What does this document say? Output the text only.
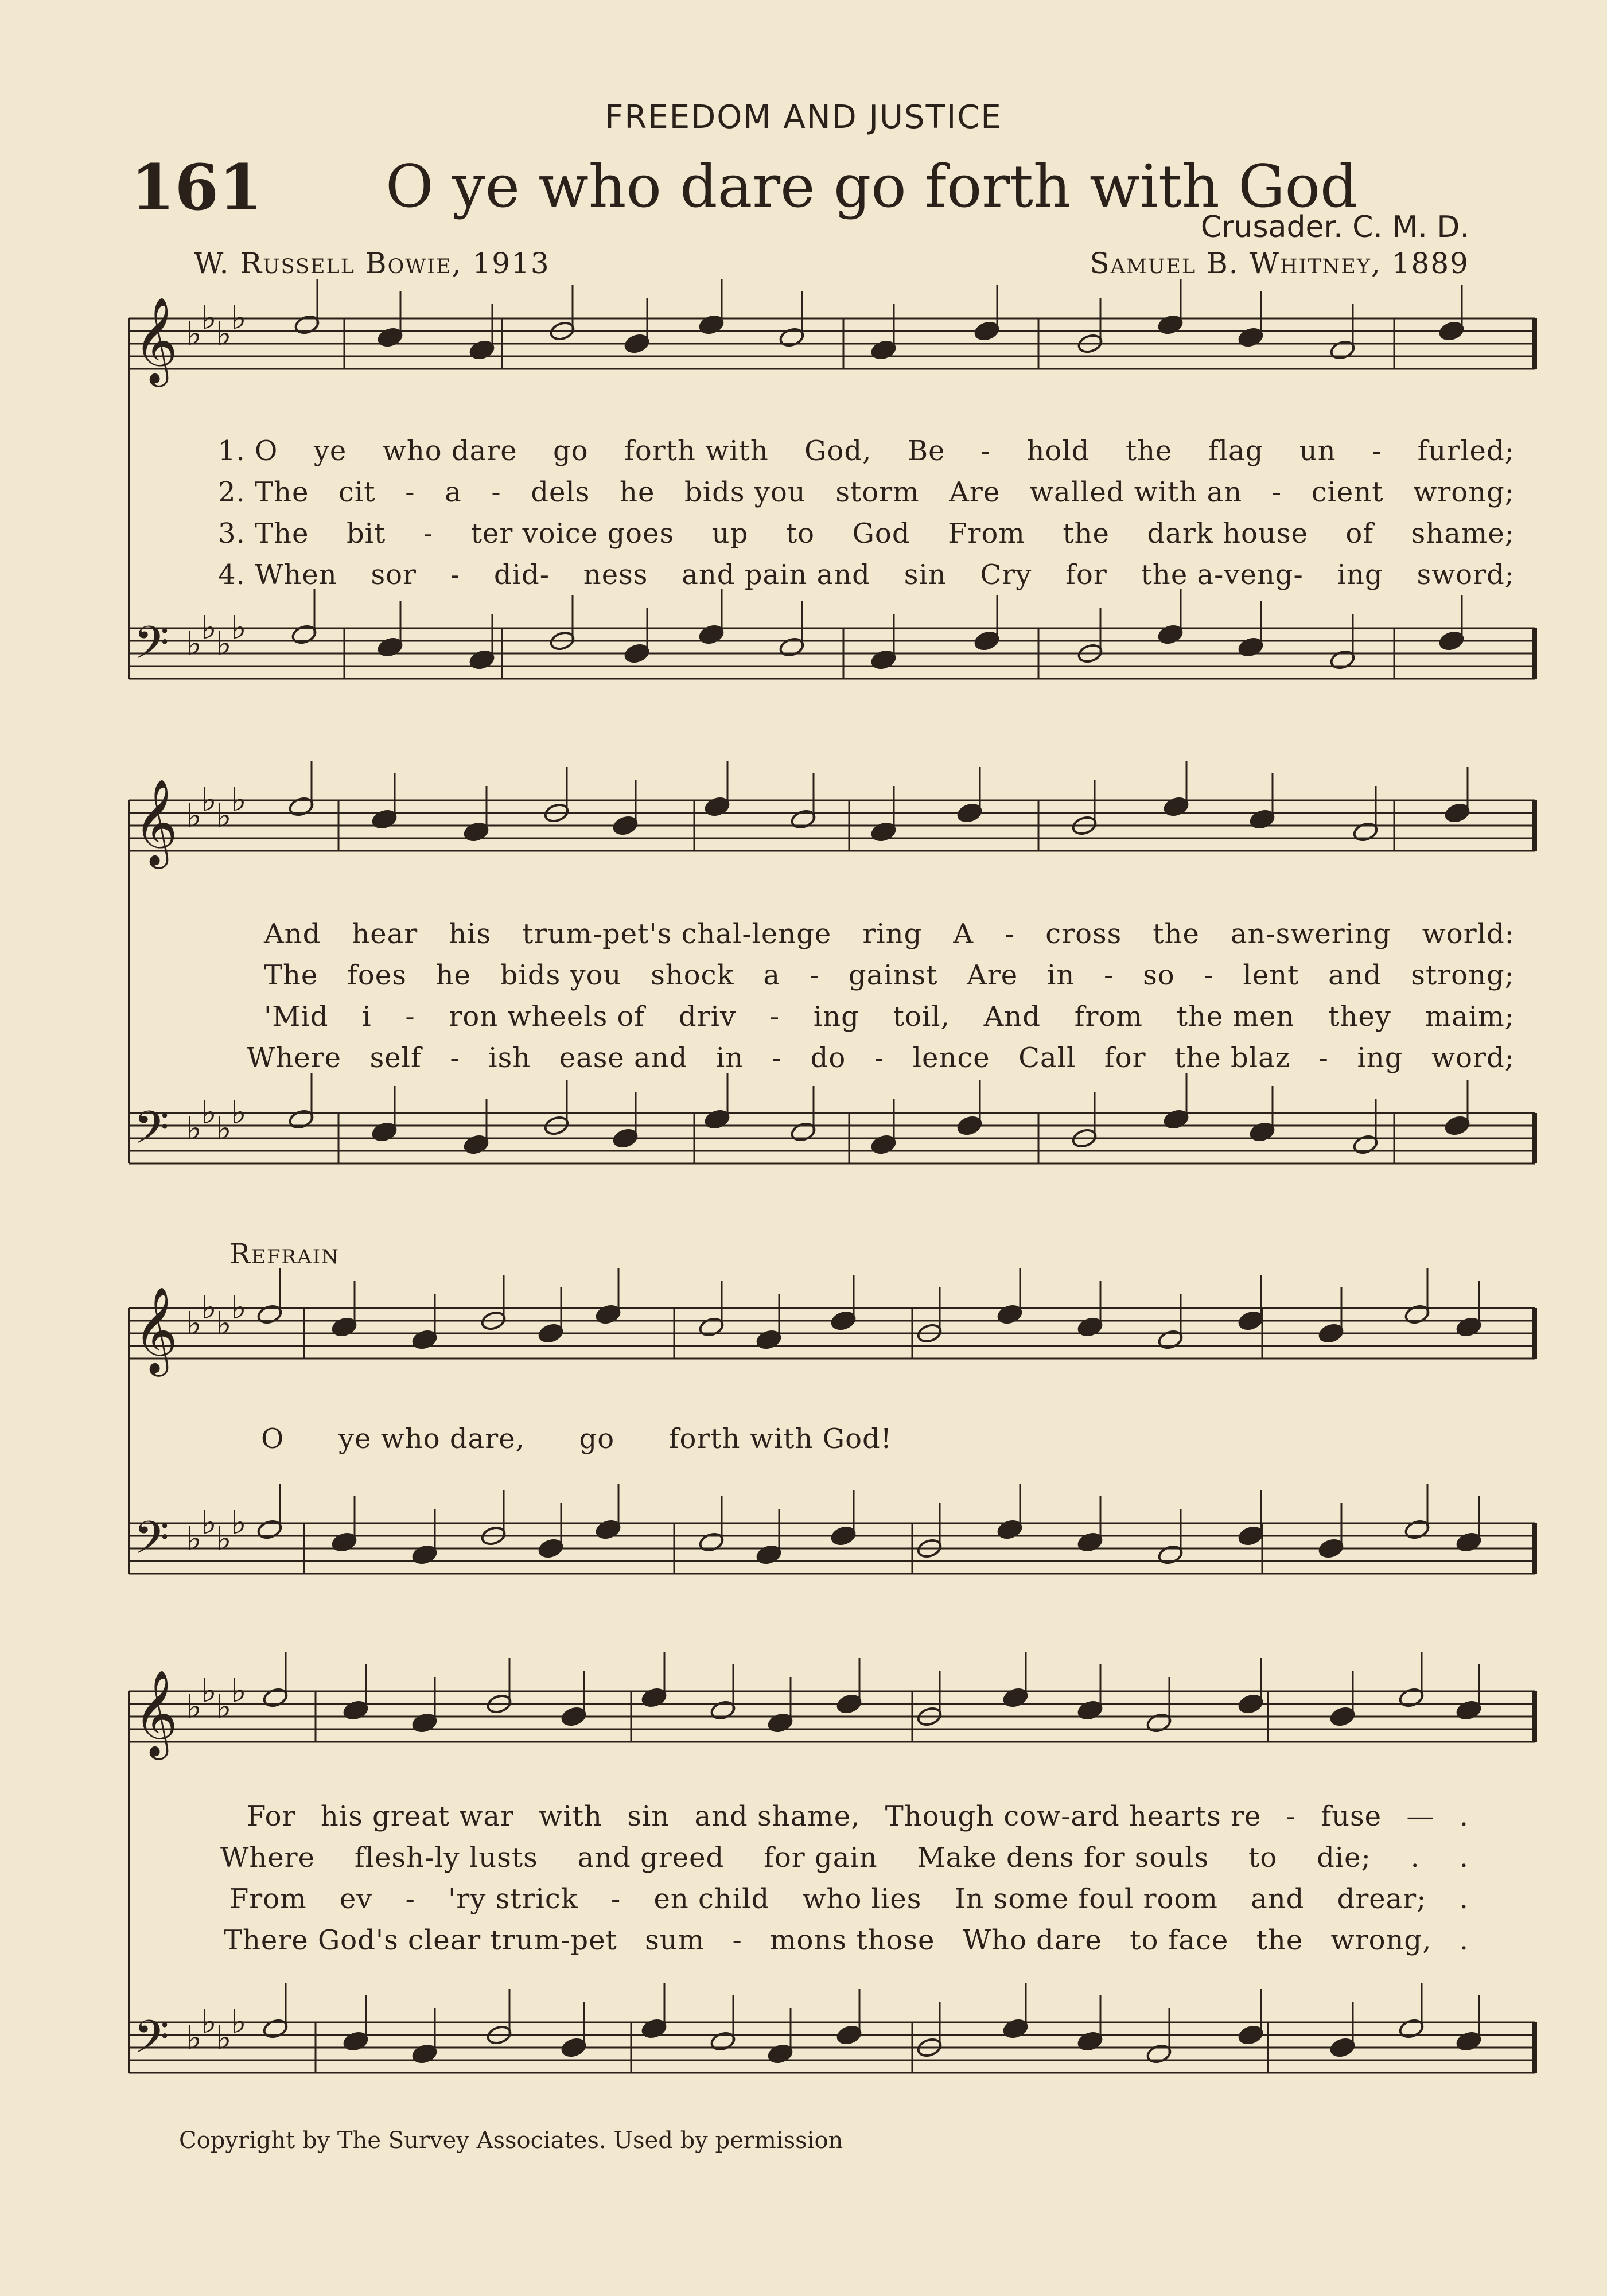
FREEDOM AND JUSTICE
161 O ye who dare go forth with God
Crusader. C. M. D.
W. Russell Bowie, 1913	Samuel B. Whitney, 1889
𝄞 ♭ ♭ ♭ ♭
𝄢 ♭ ♭ ♭ ♭
𝄞 ♭ ♭ ♭ ♭
𝄢 ♭ ♭ ♭ ♭
𝄞 ♭ ♭ ♭ ♭
𝄢 ♭ ♭ ♭ ♭
𝄞 ♭ ♭ ♭ ♭
𝄢 ♭ ♭ ♭ ♭
1. O ye who dare go forth with God, Be - hold the flag un - furled;
2. The cit - a - dels he bids you storm Are walled with an - cient wrong;
3. The bit - ter voice goes up to God From the dark house of shame;
4. When sor - did- ness and pain and sin Cry for the a-veng- ing sword;
And hear his trum-pet's chal-lenge ring A - cross the an-swering world:
The foes he bids you shock a - gainst Are in - so - lent and strong;
'Mid i - ron wheels of driv - ing toil, And from the men they maim;
Where self - ish ease and in - do - lence Call for the blaz - ing word;
Refrain
O ye who dare, go forth with God!
For his great war with sin and shame, Though cow-ard hearts re - fuse — .
Where flesh-ly lusts and greed for gain Make dens for souls to die; . .
From ev - 'ry strick - en child who lies In some foul room and drear; .
There God's clear trum-pet sum - mons those Who dare to face the wrong, .
Copyright by The Survey Associates. Used by permission
